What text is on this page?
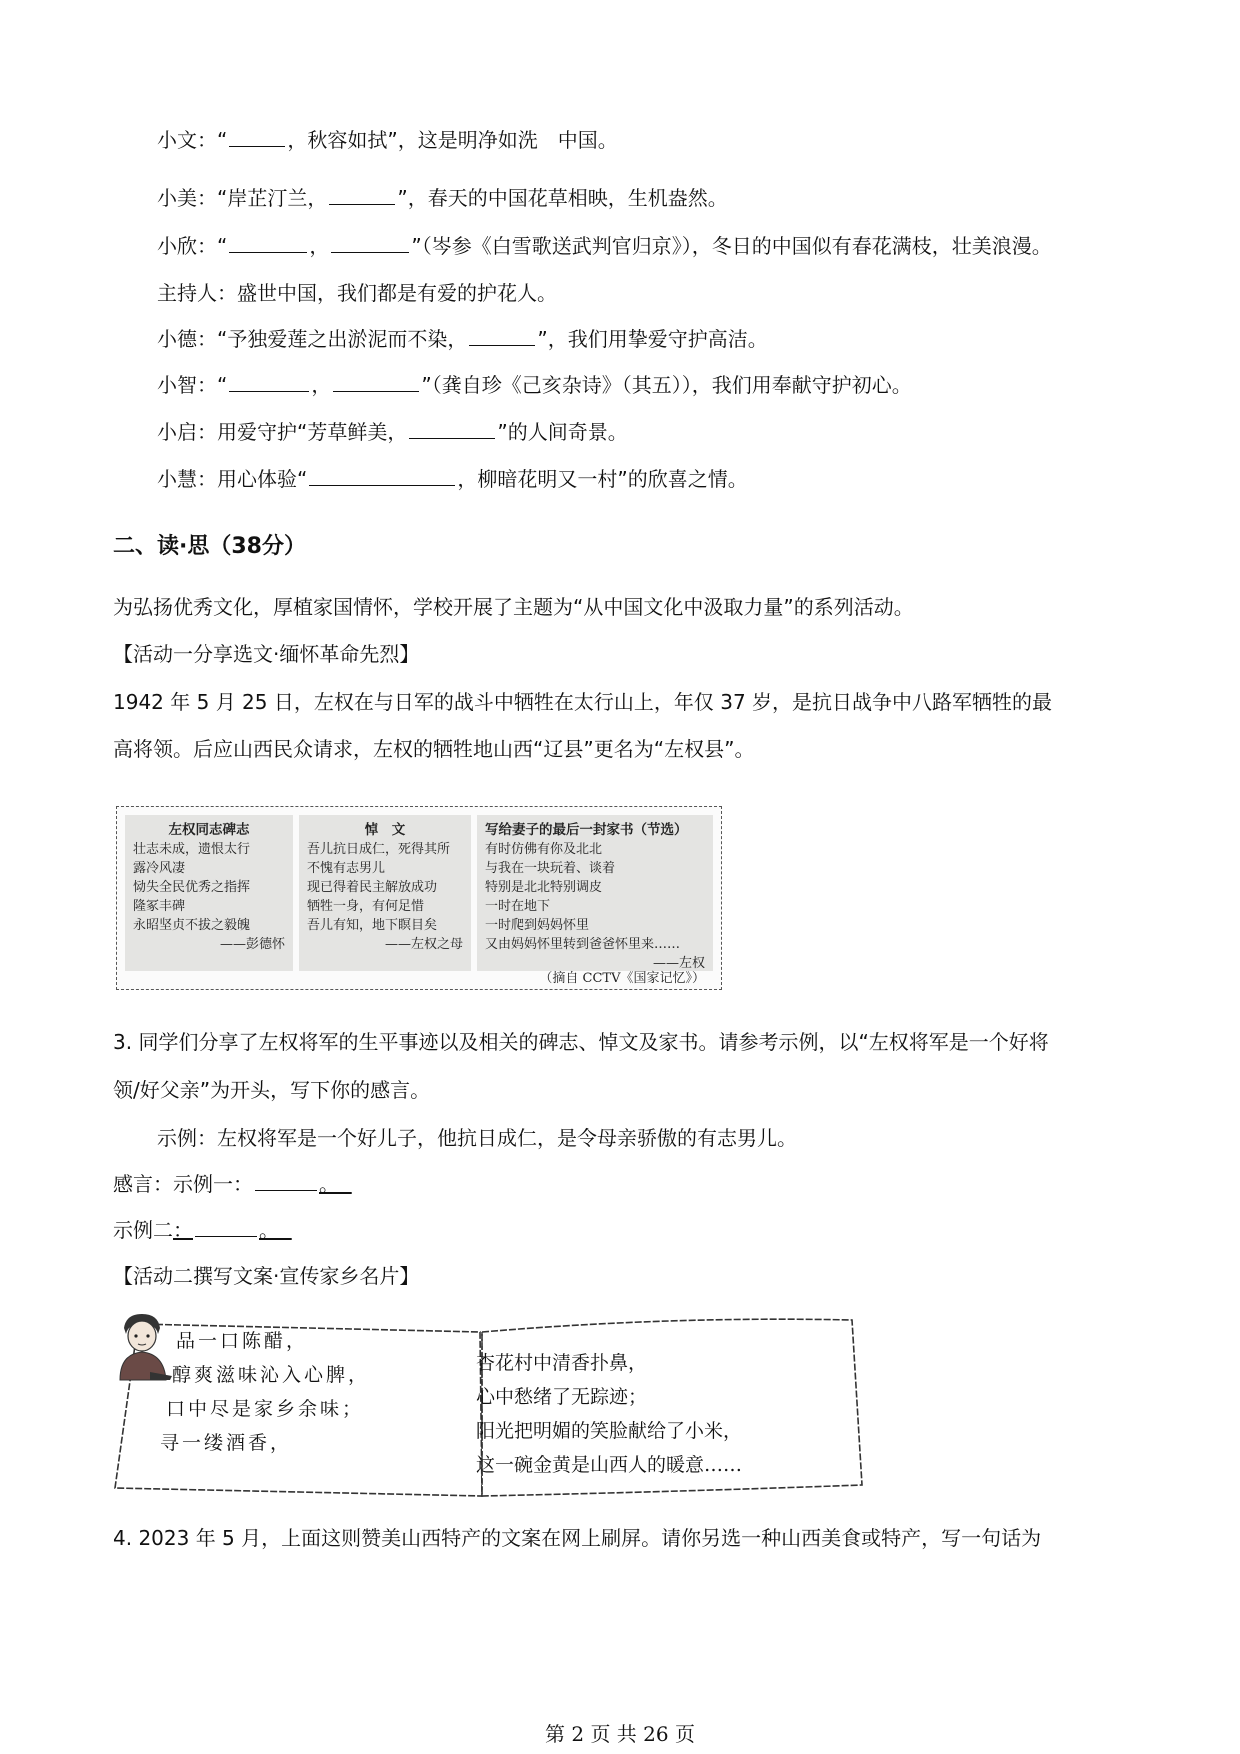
小文：“	，秋容如拭”，这是明净如洗　中国。
小美：“岸芷汀兰，	”，春天的中国花草相映，生机盎然。
小欣：“	，	”（岑参《白雪歌送武判官归京》），冬日的中国似有春花满枝，壮美浪漫。
主持人：盛世中国，我们都是有爱的护花人。
小德：“予独爱莲之出淤泥而不染，	”，我们用挚爱守护高洁。
小智：“	，	”（龚自珍《己亥杂诗》（其五）），我们用奉献守护初心。
小启：用爱守护“芳草鲜美，	”的人间奇景。
小慧：用心体验“	，柳暗花明又一村”的欣喜之情。
二、读·思（38分）
为弘扬优秀文化，厚植家国情怀，学校开展了主题为“从中国文化中汲取力量”的系列活动。
【活动一分享选文·缅怀革命先烈】
1942 年 5 月 25 日，左权在与日军的战斗中牺牲在太行山上，年仅 37 岁，是抗日战争中八路军牺牲的最
高将领。后应山西民众请求，左权的牺牲地山西“辽县”更名为“左权县”。
左权同志碑志
壮志未成，遗恨太行
露冷风凄
恸失全民优秀之指挥
隆冢丰碑
永昭坚贞不拔之毅魄
——彭德怀
悼　文
吾儿抗日成仁，死得其所
不愧有志男儿
现已得着民主解放成功
牺牲一身，有何足惜
吾儿有知，地下瞑目矣
——左权之母
写给妻子的最后一封家书（节选）
有时仿佛有你及北北
与我在一块玩着、谈着
特别是北北特别调皮
一时在地下
一时爬到妈妈怀里
又由妈妈怀里转到爸爸怀里来……
——左权
（摘自 CCTV《国家记忆》）
3. 同学们分享了左权将军的生平事迹以及相关的碑志、悼文及家书。请参考示例，以“左权将军是一个好将
领/好父亲”为开头，写下你的感言。
示例：左权将军是一个好儿子，他抗日成仁，是令母亲骄傲的有志男儿。
感言：示例一：	。
示例二：	。
【活动二撰写文案·宣传家乡名片】
品一口陈醋，
醇爽滋味沁入心脾，
口中尽是家乡余味；
寻一缕酒香，
杏花村中清香扑鼻，
心中愁绪了无踪迹；
阳光把明媚的笑脸献给了小米，
这一碗金黄是山西人的暖意……
4. 2023 年 5 月，上面这则赞美山西特产的文案在网上刷屏。请你另选一种山西美食或特产，写一句话为
第 2 页 共 26 页
